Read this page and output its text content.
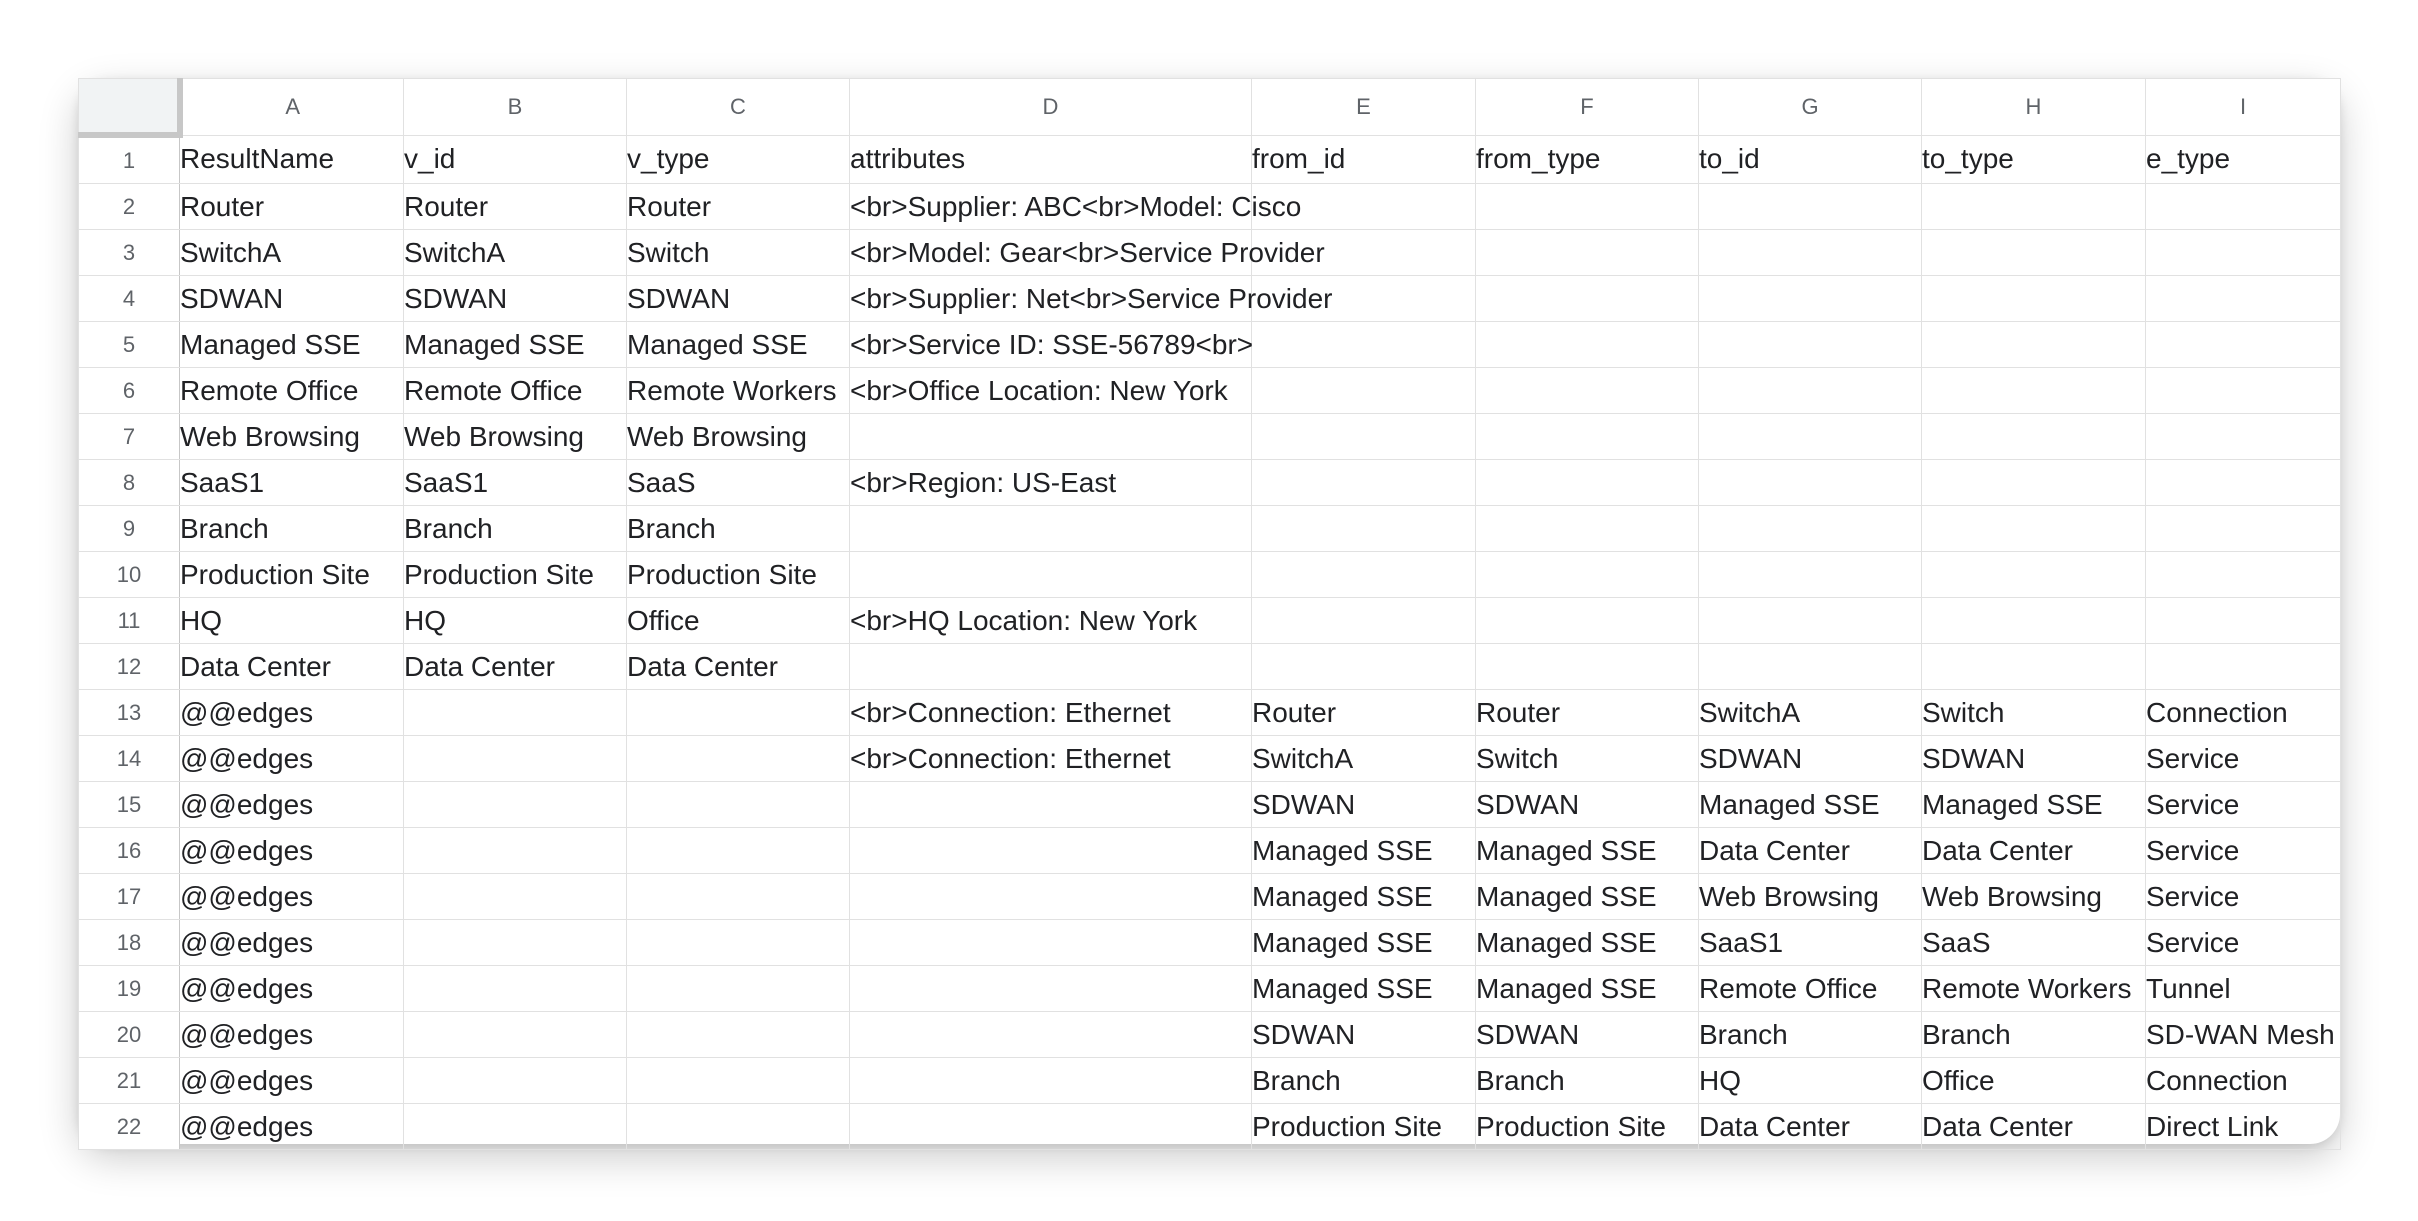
	A	B	C	D	E	F	G	H	I
1	ResultName	v_id	v_type	attributes	from_id	from_type	to_id	to_type	e_type

2	Router	Router	Router	<br>Supplier: ABC<br>Model: Cisco					

3	SwitchA	SwitchA	Switch	<br>Model: Gear<br>Service Provider					

4	SDWAN	SDWAN	SDWAN	<br>Supplier: Net<br>Service Provider					

5	Managed SSE	Managed SSE	Managed SSE	<br>Service ID: SSE-56789<br>					

6	Remote Office	Remote Office	Remote Workers	<br>Office Location: New York					

7	Web Browsing	Web Browsing	Web Browsing						

8	SaaS1	SaaS1	SaaS	<br>Region: US-East					

9	Branch	Branch	Branch						

10	Production Site	Production Site	Production Site						

11	HQ	HQ	Office	<br>HQ Location: New York					

12	Data Center	Data Center	Data Center						

13	@@edges			<br>Connection: Ethernet	Router	Router	SwitchA	Switch	Connection

14	@@edges			<br>Connection: Ethernet	SwitchA	Switch	SDWAN	SDWAN	Service

15	@@edges				SDWAN	SDWAN	Managed SSE	Managed SSE	Service

16	@@edges				Managed SSE	Managed SSE	Data Center	Data Center	Service

17	@@edges				Managed SSE	Managed SSE	Web Browsing	Web Browsing	Service

18	@@edges				Managed SSE	Managed SSE	SaaS1	SaaS	Service

19	@@edges				Managed SSE	Managed SSE	Remote Office	Remote Workers	Tunnel

20	@@edges				SDWAN	SDWAN	Branch	Branch	SD-WAN Mesh

21	@@edges				Branch	Branch	HQ	Office	Connection

22	@@edges				Production Site	Production Site	Data Center	Data Center	Direct Link
